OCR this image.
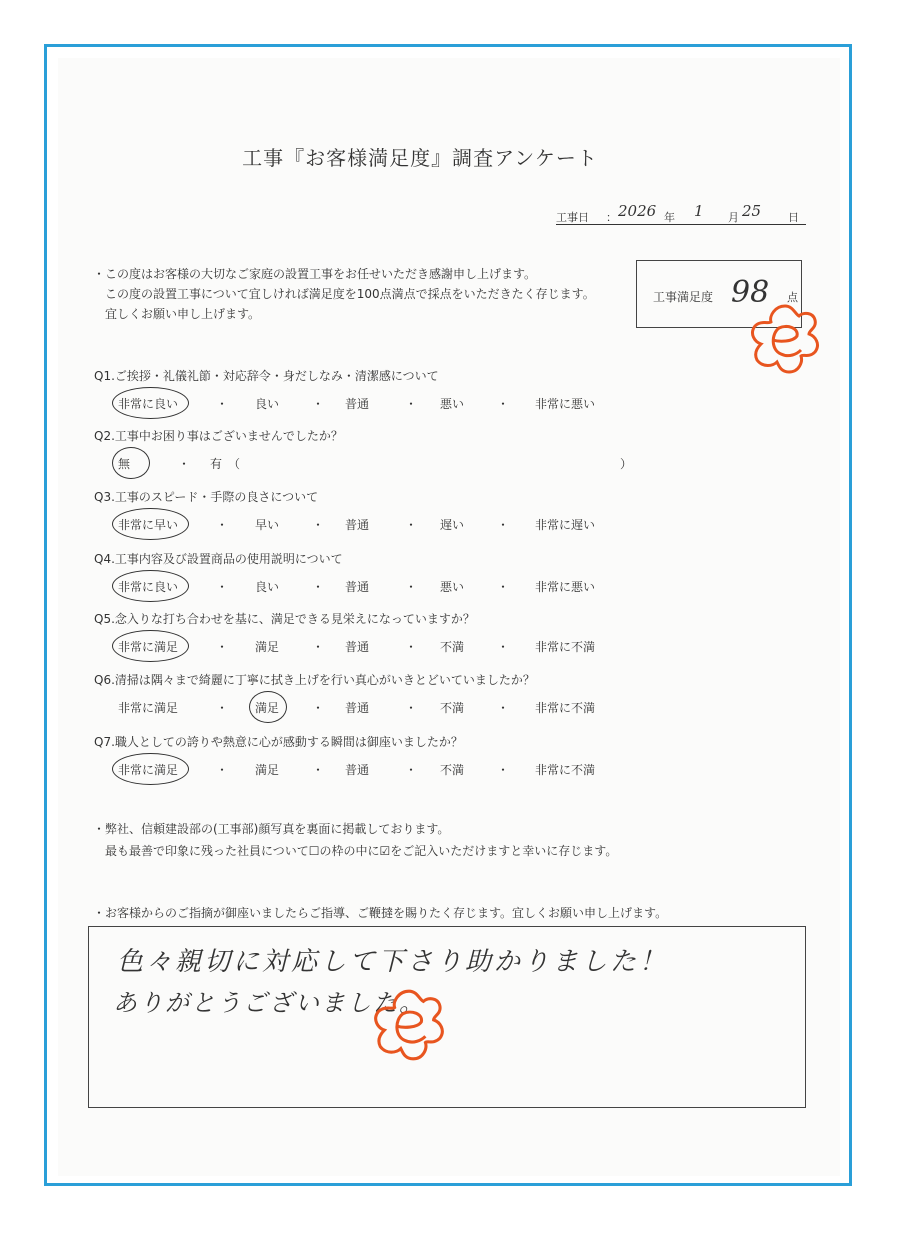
工事『お客様満足度』調査アンケート
工事日 ： 2026 年 1 月 25 日
・この度はお客様の大切なご家庭の設置工事をお任せいただき感謝申し上げます。
この度の設置工事について宜しければ満足度を100点満点で採点をいただきたく存じます。
宜しくお願い申し上げます。
工事満足度 98 点
Q1.ご挨拶・礼儀礼節・対応辞令・身だしなみ・清潔感について
非常に良い	良い	普通	悪い	非常に悪い
・	・	・	・
Q2.工事中お困り事はございませんでしたか？
無	有　（	）
・
Q3.工事のスピード・手際の良さについて
非常に早い	早い	普通	遅い	非常に遅い
・	・	・	・
Q4.工事内容及び設置商品の使用説明について
非常に良い	良い	普通	悪い	非常に悪い
・	・	・	・
Q5.念入りな打ち合わせを基に、満足できる見栄えになっていますか？
非常に満足	満足	普通	不満	非常に不満
・	・	・	・
Q6.清掃は隅々まで綺麗に丁寧に拭き上げを行い真心がいきとどいていましたか？
非常に満足	満足	普通	不満	非常に不満
・	・	・	・
Q7.職人としての誇りや熱意に心が感動する瞬間は御座いましたか？
非常に満足	満足	普通	不満	非常に不満
・	・	・	・
・弊社、信頼建設部の(工事部)顔写真を裏面に掲載しております。
最も最善で印象に残った社員について☐の枠の中に☑をご記入いただけますと幸いに存じます。
・お客様からのご指摘が御座いましたらご指導、ご鞭撻を賜りたく存じます。宜しくお願い申し上げます。
色々親切に対応して下さり助かりました！
ありがとうございました。
